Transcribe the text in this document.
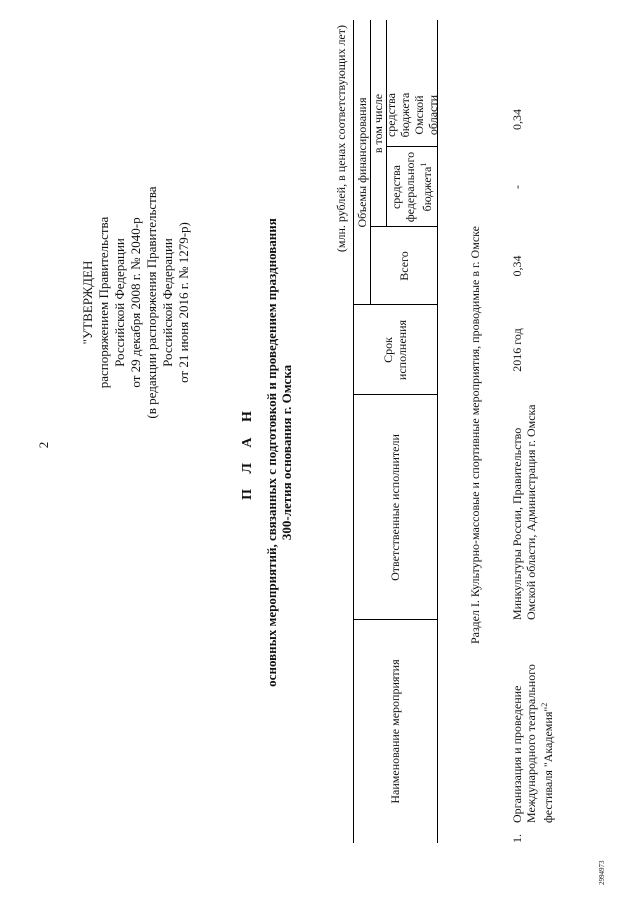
2
"УТВЕРЖДЕН распоряжением Правительства Российской Федерации от 29 декабря 2008 г. № 2040-р (в редакции распоряжения Правительства Российской Федерации от 21 июня 2016 г. № 1279-р)
П Л А Н основных мероприятий, связанных с подготовкой и проведением празднования 300-летия основания г. Омска
(млн. рублей, в ценах соответствующих лет)
Наименование мероприятия
Ответственные исполнители
Срок исполнения
Объемы финансирования
Всего
в том числе
средства федерального бюджета$^1$
средства бюджета Омской области
Раздел I. Культурно-массовые и спортивные мероприятия, проводимые в г. Омске
1.
Организация и проведение Международного театрального фестиваля "Академия"$^2$
Минкультуры России, Правительство Омской области, Администрация г. Омска
2016 год
0,34
-
0,34
2994973
